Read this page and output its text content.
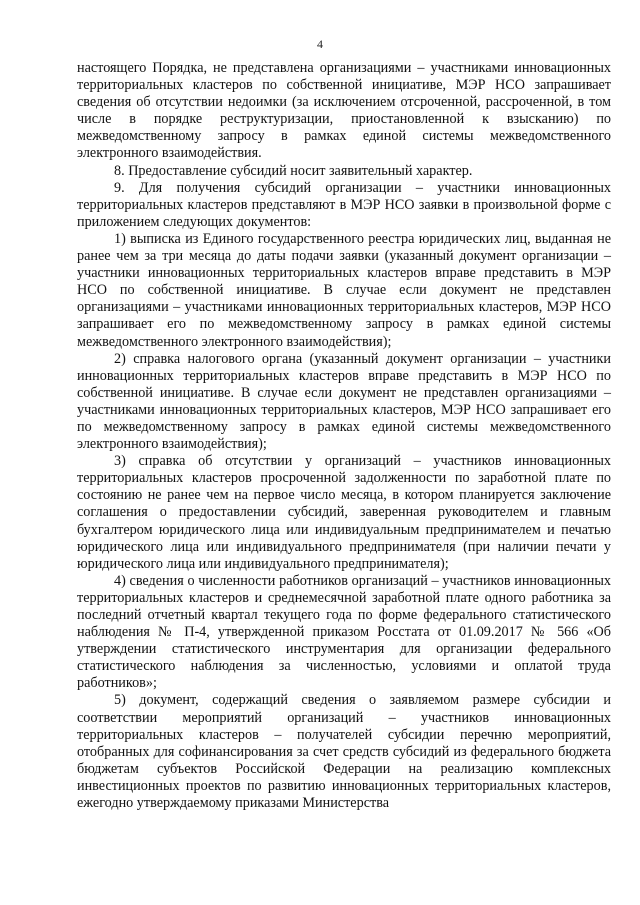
4

настоящего Порядка, не представлена организациями – участниками инновационных территориальных кластеров по собственной инициативе, МЭР НСО запрашивает сведения об отсутствии недоимки (за исключением отсроченной, рассроченной, в том числе в порядке реструктуризации, приостановленной к взысканию) по межведомственному запросу в рамках единой системы межведомственного электронного взаимодействия.

8. Предоставление субсидий носит заявительный характер.

9. Для получения субсидий организации – участники инновационных территориальных кластеров представляют в МЭР НСО заявки в произвольной форме с приложением следующих документов:

1) выписка из Единого государственного реестра юридических лиц, выданная не ранее чем за три месяца до даты подачи заявки (указанный документ организации – участники инновационных территориальных кластеров вправе представить в МЭР НСО по собственной инициативе. В случае если документ не представлен организациями – участниками инновационных территориальных кластеров, МЭР НСО запрашивает его по межведомственному запросу в рамках единой системы межведомственного электронного взаимодействия);

2) справка налогового органа (указанный документ организации – участники инновационных территориальных кластеров вправе представить в МЭР НСО по собственной инициативе. В случае если документ не представлен организациями – участниками инновационных территориальных кластеров, МЭР НСО запрашивает его по межведомственному запросу в рамках единой системы межведомственного электронного взаимодействия);

3) справка об отсутствии у организаций – участников инновационных территориальных кластеров просроченной задолженности по заработной плате по состоянию не ранее чем на первое число месяца, в котором планируется заключение соглашения о предоставлении субсидий, заверенная руководителем и главным бухгалтером юридического лица или индивидуальным предпринимателем и печатью юридического лица или индивидуального предпринимателя (при наличии печати у юридического лица или индивидуального предпринимателя);

4) сведения о численности работников организаций – участников инновационных территориальных кластеров и среднемесячной заработной плате одного работника за последний отчетный квартал текущего года по форме федерального статистического наблюдения № П-4, утвержденной приказом Росстата от 01.09.2017 № 566 «Об утверждении статистического инструментария для организации федерального статистического наблюдения за численностью, условиями и оплатой труда работников»;

5) документ, содержащий сведения о заявляемом размере субсидии и соответствии мероприятий организаций – участников инновационных территориальных кластеров – получателей субсидии перечню мероприятий, отобранных для софинансирования за счет средств субсидий из федерального бюджета бюджетам субъектов Российской Федерации на реализацию комплексных инвестиционных проектов по развитию инновационных территориальных кластеров, ежегодно утверждаемому приказами Министерства
